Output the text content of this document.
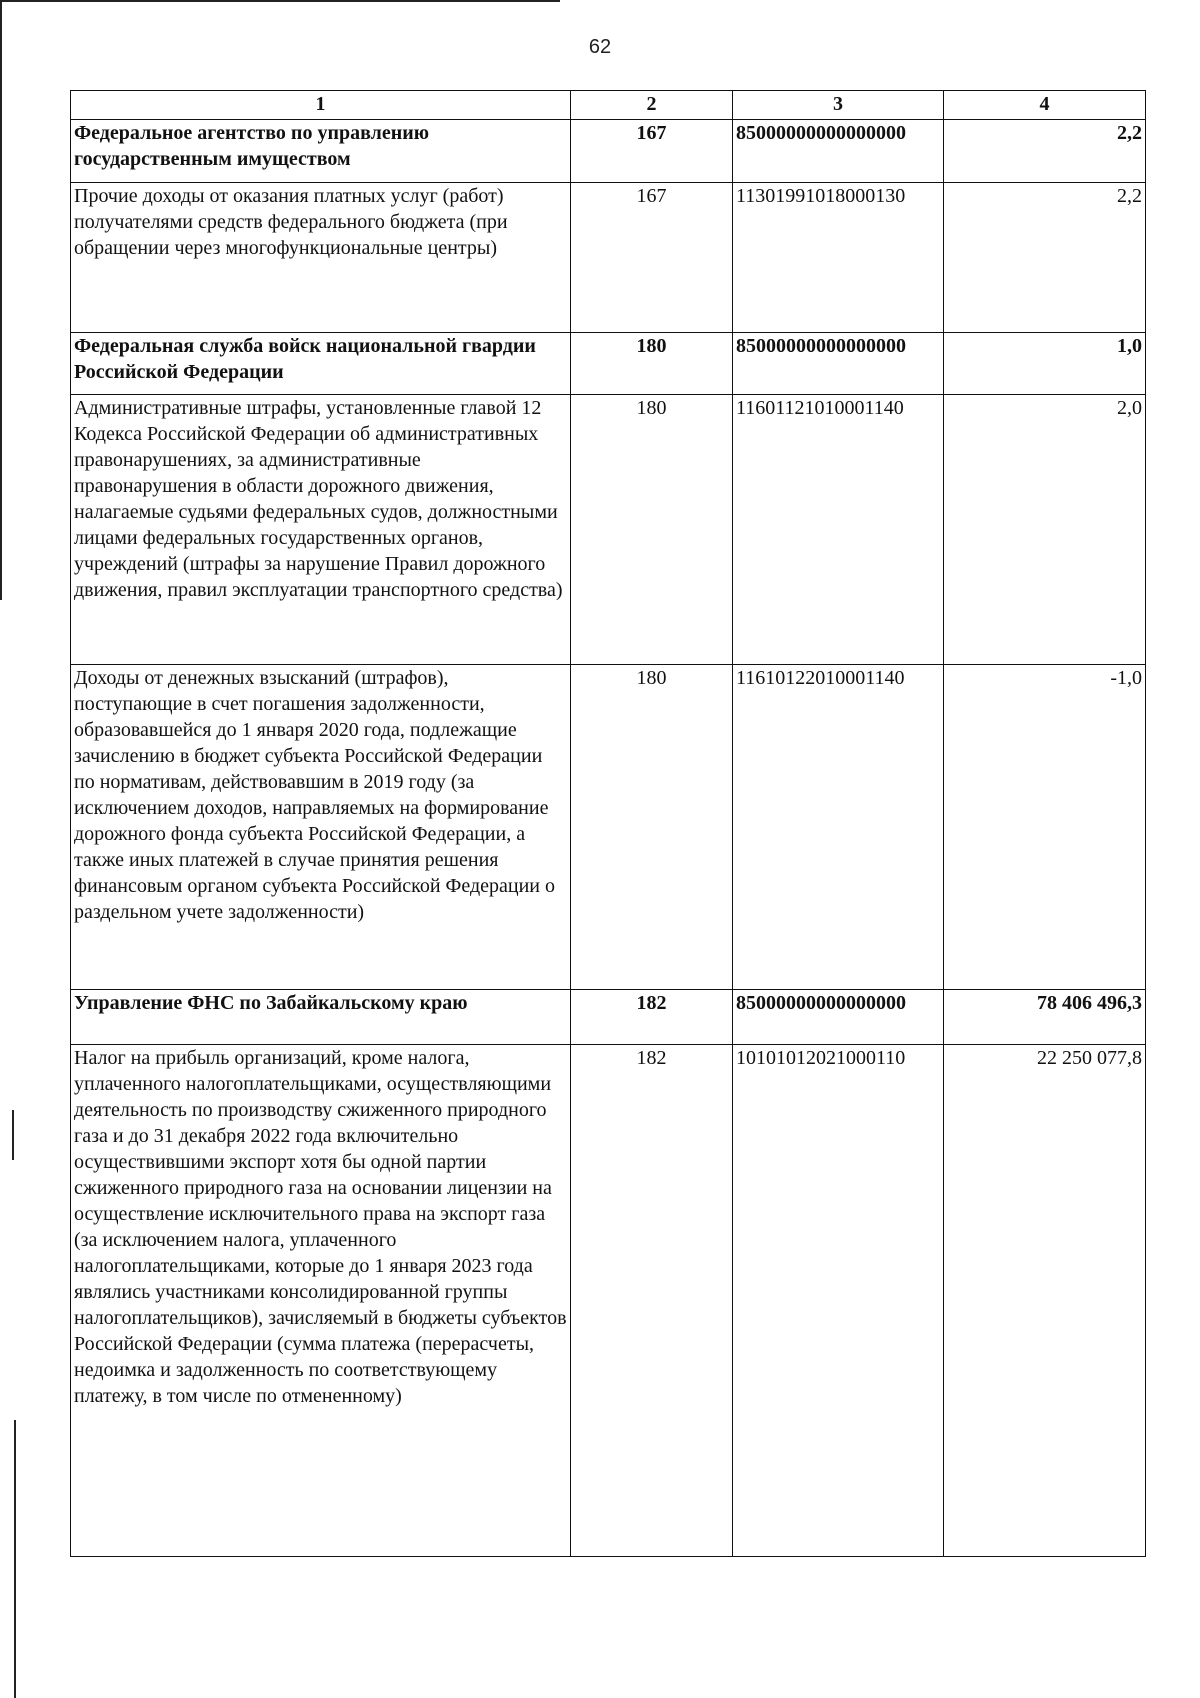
62
1	2	3	4
Федеральное агентство по управлению государственным имуществом	167	85000000000000000	2,2
Прочие доходы от оказания платных услуг (работ) получателями средств федерального бюджета (при обращении через многофункциональные центры)	167	11301991018000130	2,2
Федеральная служба войск национальной гвардии Российской Федерации	180	85000000000000000	1,0
Административные штрафы, установленные главой 12 Кодекса Российской Федерации об административных правонарушениях, за административные правонарушения в области дорожного движения, налагаемые судьями федеральных судов, должностными лицами федеральных государственных органов, учреждений (штрафы за нарушение Правил дорожного движения, правил эксплуатации транспортного средства)	180	11601121010001140	2,0
Доходы от денежных взысканий (штрафов), поступающие в счет погашения задолженности, образовавшейся до 1 января 2020 года, подлежащие зачислению в бюджет субъекта Российской Федерации по нормативам, действовавшим в 2019 году (за исключением доходов, направляемых на формирование дорожного фонда субъекта Российской Федерации, а также иных платежей в случае принятия решения финансовым органом субъекта Российской Федерации о раздельном учете задолженности)	180	11610122010001140	-1,0
Управление ФНС по Забайкальскому краю	182	85000000000000000	78 406 496,3
Налог на прибыль организаций, кроме налога, уплаченного налогоплательщиками, осуществляющими деятельность по производству сжиженного природного газа и до 31 декабря 2022 года включительно осуществившими экспорт хотя бы одной партии сжиженного природного газа на основании лицензии на осуществление исключительного права на экспорт газа (за исключением налога, уплаченного налогоплательщиками, которые до 1 января 2023 года являлись участниками консолидированной группы налогоплательщиков), зачисляемый в бюджеты субъектов Российской Федерации (сумма платежа (перерасчеты, недоимка и задолженность по соответствующему платежу, в том числе по отмененному)	182	10101012021000110	22 250 077,8
